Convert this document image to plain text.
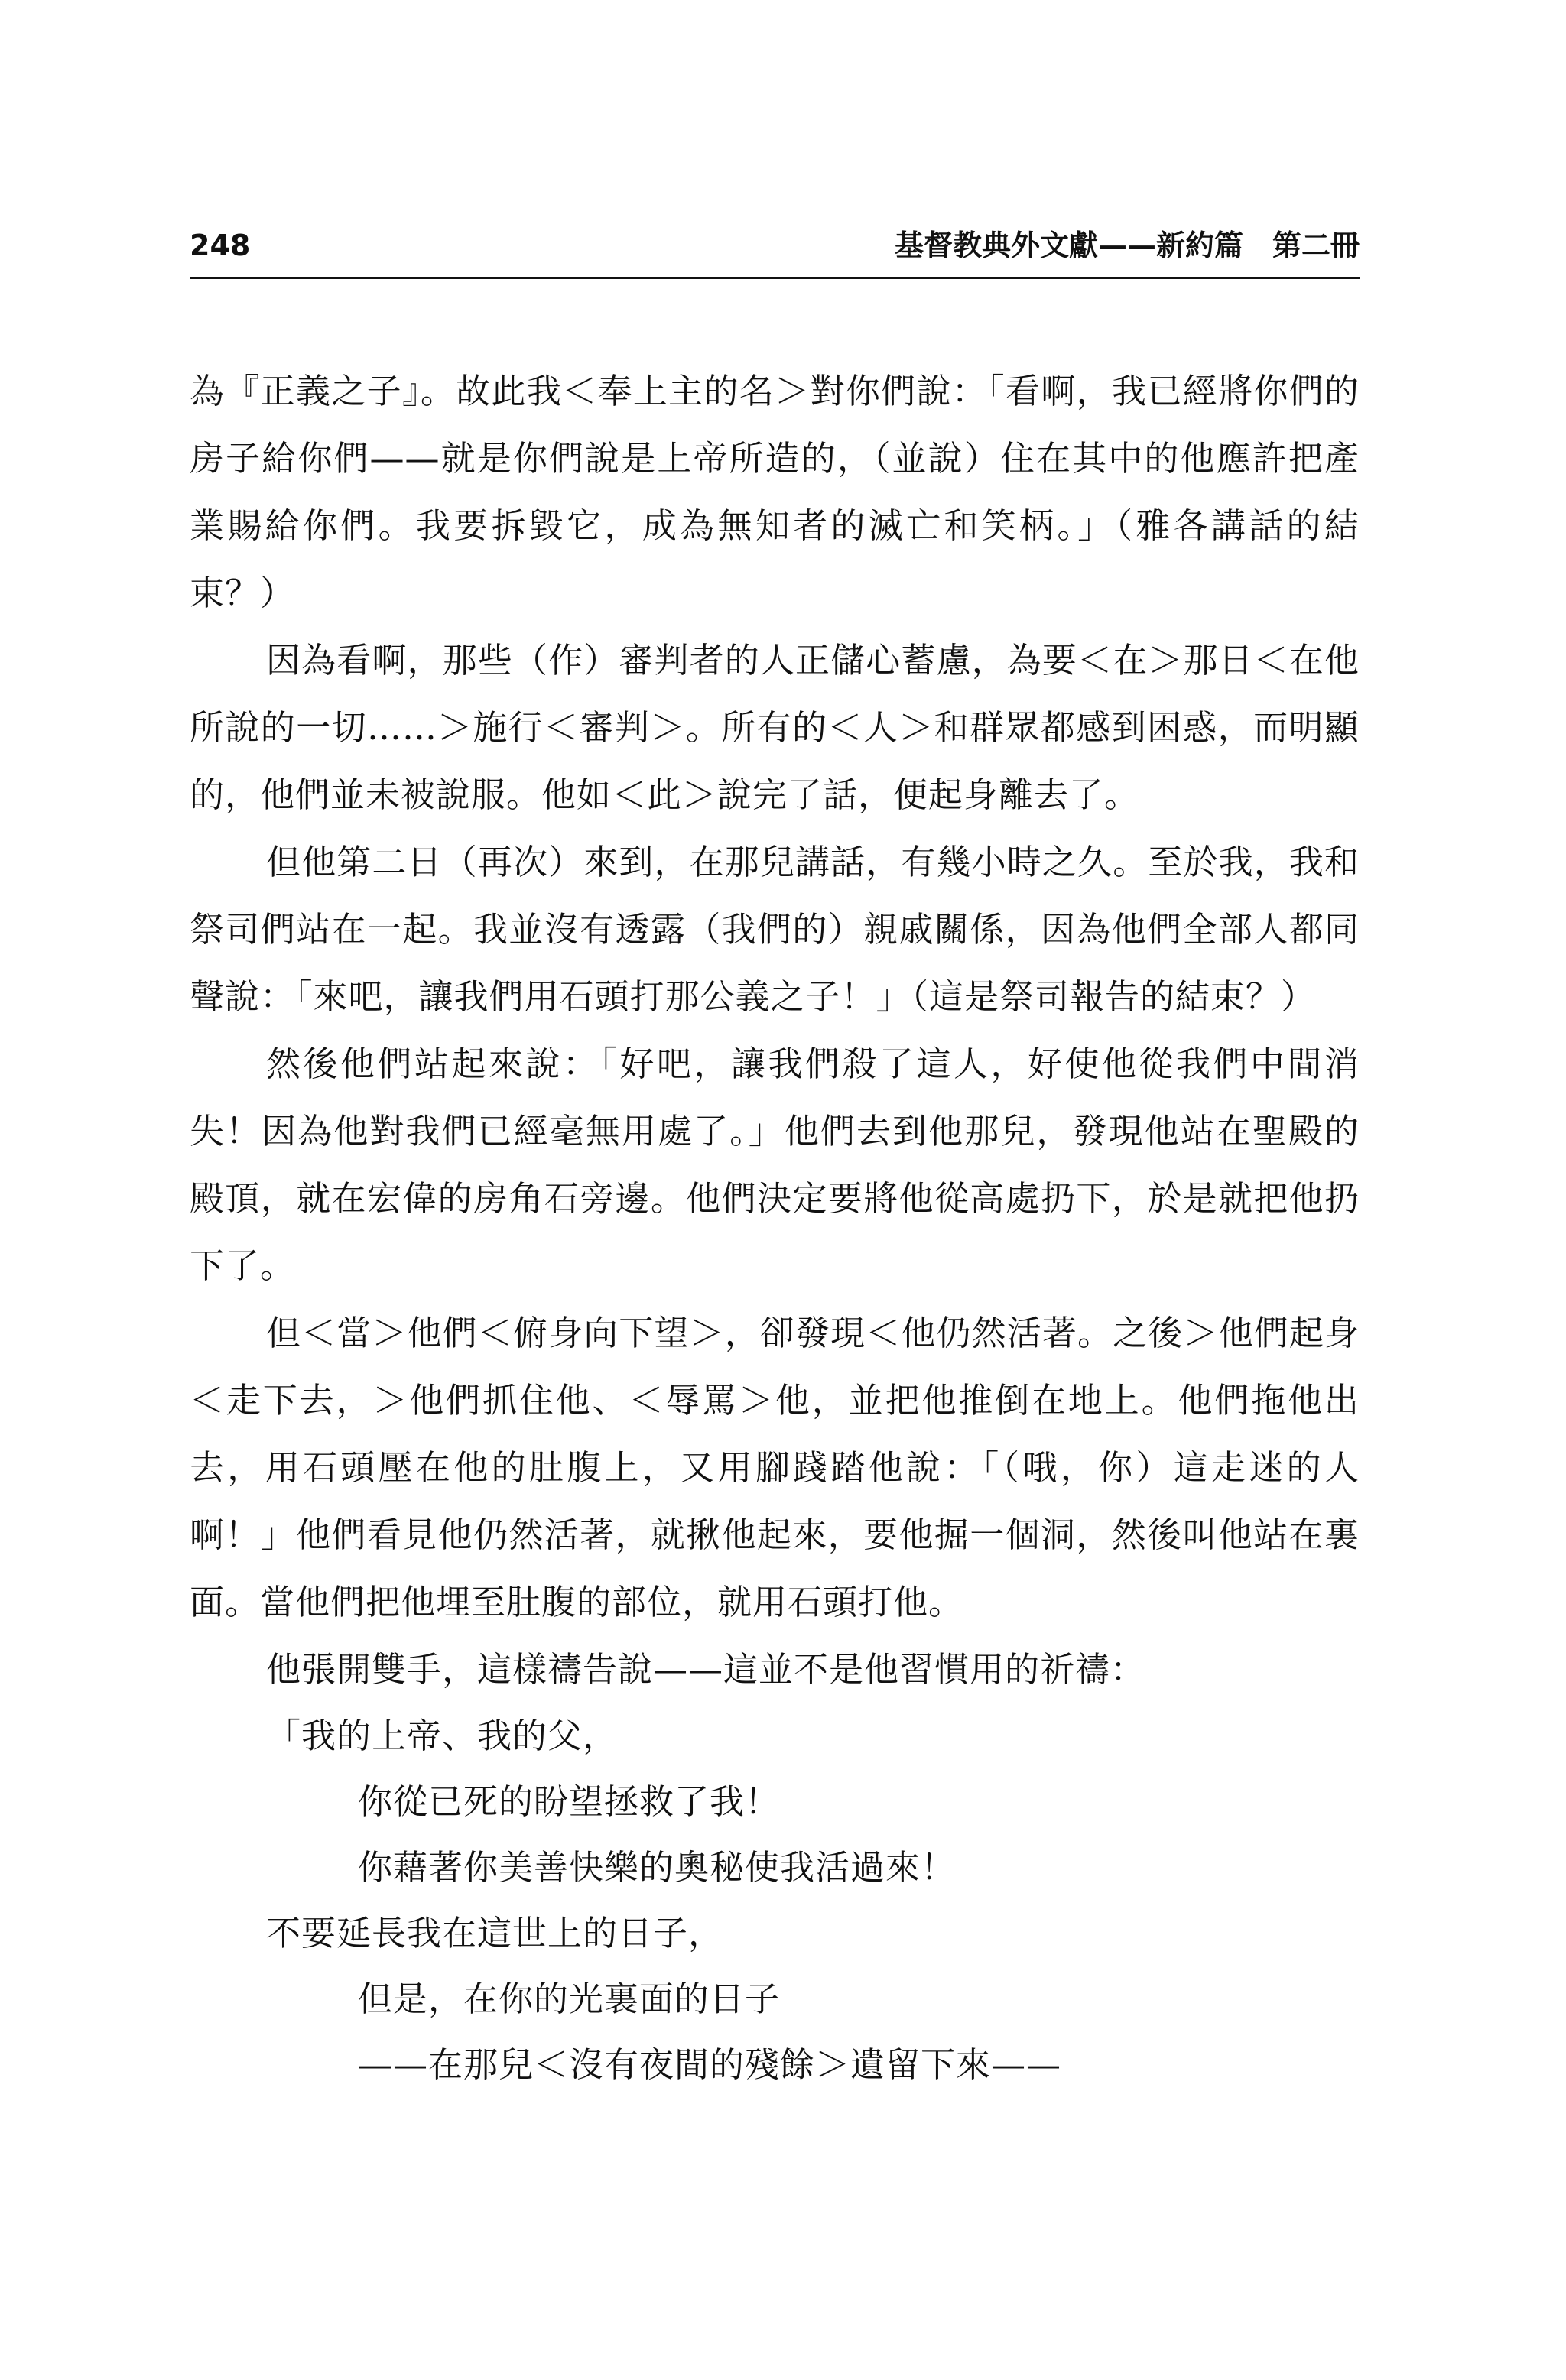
248	基督教典外文獻——新約篇　第二冊

為『正義之子』。故此我＜奉上主的名＞對你們說：「看啊，我已經將你們的房子給你們——就是你們說是上帝所造的，（並說）住在其中的他應許把產業賜給你們。我要拆毀它，成為無知者的滅亡和笑柄。」（雅各講話的結束？）

因為看啊，那些（作）審判者的人正儲心蓄慮，為要＜在＞那日＜在他所說的一切……＞施行＜審判＞。所有的＜人＞和群眾都感到困惑，而明顯的，他們並未被說服。他如＜此＞說完了話，便起身離去了。

但他第二日（再次）來到，在那兒講話，有幾小時之久。至於我，我和祭司們站在一起。我並沒有透露（我們的）親戚關係，因為他們全部人都同聲說：「來吧，讓我們用石頭打那公義之子！」（這是祭司報告的結束？）

然後他們站起來說：「好吧，讓我們殺了這人，好使他從我們中間消失！因為他對我們已經毫無用處了。」他們去到他那兒，發現他站在聖殿的殿頂，就在宏偉的房角石旁邊。他們決定要將他從高處扔下，於是就把他扔下了。

但＜當＞他們＜俯身向下望＞，卻發現＜他仍然活著。之後＞他們起身＜走下去，＞他們抓住他、＜辱罵＞他，並把他推倒在地上。他們拖他出去，用石頭壓在他的肚腹上，又用腳踐踏他說：「（哦，你）這走迷的人啊！」他們看見他仍然活著，就揪他起來，要他掘一個洞，然後叫他站在裏面。當他們把他埋至肚腹的部位，就用石頭打他。

他張開雙手，這樣禱告說——這並不是他習慣用的祈禱：

「我的上帝、我的父，

你從已死的盼望拯救了我！

你藉著你美善快樂的奧秘使我活過來！

不要延長我在這世上的日子，

但是，在你的光裏面的日子

——在那兒＜沒有夜間的殘餘＞遺留下來——
